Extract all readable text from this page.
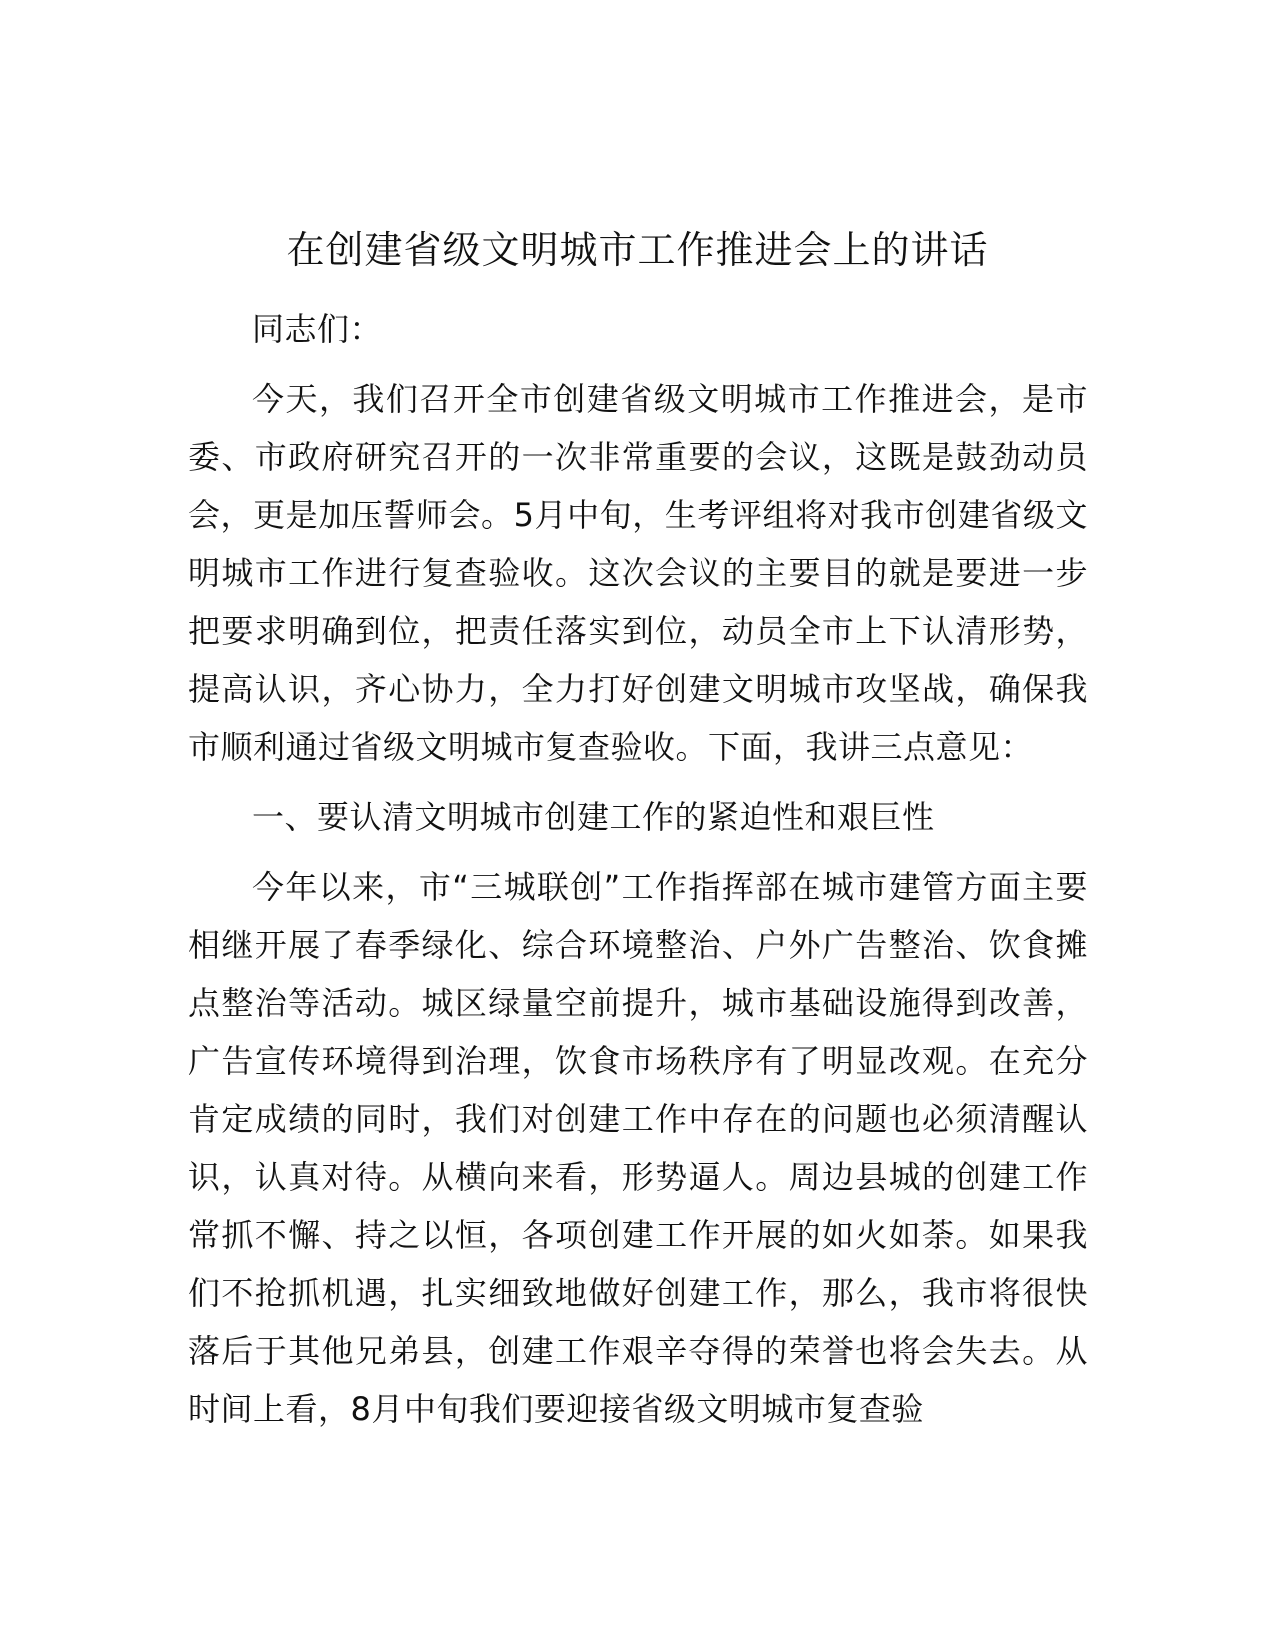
在创建省级文明城市工作推进会上的讲话

同志们：

今天，我们召开全市创建省级文明城市工作推进会，是市委、市政府研究召开的一次非常重要的会议，这既是鼓劲动员会，更是加压誓师会。5月中旬，生考评组将对我市创建省级文明城市工作进行复查验收。这次会议的主要目的就是要进一步把要求明确到位，把责任落实到位，动员全市上下认清形势，提高认识，齐心协力，全力打好创建文明城市攻坚战，确保我市顺利通过省级文明城市复查验收。下面，我讲三点意见：

一、要认清文明城市创建工作的紧迫性和艰巨性

今年以来，市“三城联创”工作指挥部在城市建管方面主要相继开展了春季绿化、综合环境整治、户外广告整治、饮食摊点整治等活动。城区绿量空前提升，城市基础设施得到改善，广告宣传环境得到治理，饮食市场秩序有了明显改观。在充分肯定成绩的同时，我们对创建工作中存在的问题也必须清醒认识，认真对待。从横向来看，形势逼人。周边县城的创建工作常抓不懈、持之以恒，各项创建工作开展的如火如荼。如果我们不抢抓机遇，扎实细致地做好创建工作，那么，我市将很快落后于其他兄弟县，创建工作艰辛夺得的荣誉也将会失去。从时间上看，8月中旬我们要迎接省级文明城市复查验
